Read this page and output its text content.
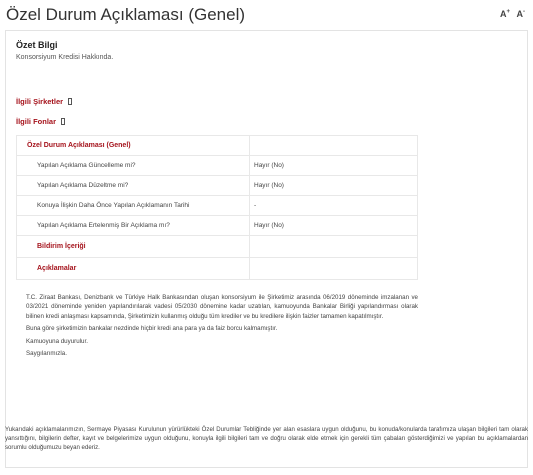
Özel Durum Açıklaması (Genel)	A+ A-
Özet Bilgi
Konsorsiyum Kredisi Hakkında.
İlgili Şirketler
İlgili Fonlar
Özel Durum Açıklaması (Genel)	
Yapılan Açıklama Güncelleme mi?	Hayır (No)
Yapılan Açıklama Düzeltme mi?	Hayır (No)
Konuya İlişkin Daha Önce Yapılan Açıklamanın Tarihi	-
Yapılan Açıklama Ertelenmiş Bir Açıklama mı?	Hayır (No)
Bildirim İçeriği	
Açıklamalar	

T.C. Ziraat Bankası, Denizbank ve Türkiye Halk Bankasından oluşan konsorsiyum ile Şirketimiz arasında 06/2019 döneminde imzalanan ve 03/2021 döneminde yeniden yapılandırılarak vadesi 05/2030 dönemine kadar uzatılan, kamuoyunda Bankalar Birliği yapılandırması olarak bilinen kredi anlaşması kapsamında, Şirketimizin kullanmış olduğu tüm krediler ve bu kredilere ilişkin faizler tamamen kapatılmıştır.

Buna göre şirketimizin bankalar nezdinde hiçbir kredi ana para ya da faiz borcu kalmamıştır.

Kamuoyuna duyurulur.

Saygılarımızla.

Yukarıdaki açıklamalarımızın, Sermaye Piyasası Kurulunun yürürlükteki Özel Durumlar Tebliğinde yer alan esaslara uygun olduğunu, bu konuda/konularda tarafımıza ulaşan bilgileri tam olarak yansıttığını, bilgilerin defter, kayıt ve belgelerimize uygun olduğunu, konuyla ilgili bilgileri tam ve doğru olarak elde etmek için gerekli tüm çabaları gösterdiğimizi ve yapılan bu açıklamalardan sorumlu olduğumuzu beyan ederiz.
